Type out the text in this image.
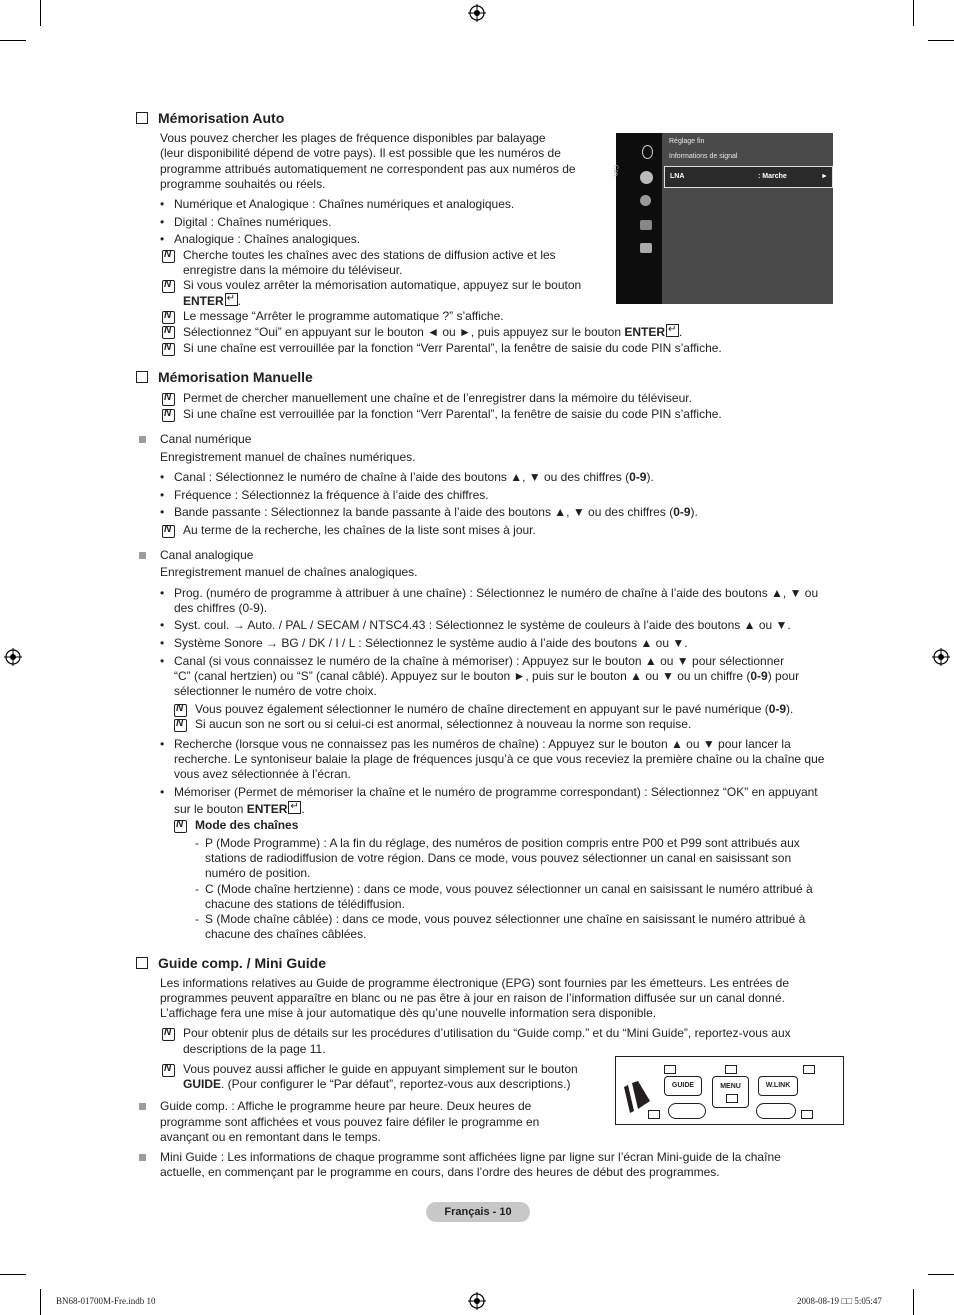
Mémorisation Auto
Vous pouvez chercher les plages de fréquence disponibles par balayage
(leur disponibilité dépend de votre pays). Il est possible que les numéros de
programme attribués automatiquement ne correspondent pas aux numéros de
programme souhaités ou réels.
• Numérique et Analogique : Chaînes numériques et analogiques.
• Digital : Chaînes numériques.
• Analogique : Chaînes analogiques.
N
Cherche toutes les chaînes avec des stations de diffusion active et les
enregistre dans la mémoire du téléviseur.
N
Si vous voulez arrêter la mémorisation automatique, appuyez sur le bouton
ENTER ↵ .
N
Le message “Arrêter le programme automatique ?” s’affiche.
N
Sélectionnez “Oui” en appuyant sur le bouton ◄ ou ►, puis appuyez sur le bouton ENTER ↵ .
N
Si une chaîne est verrouillée par la fonction “Verr Parental”, la fenêtre de saisie du code PIN s’affiche.
Can.
Réglage fin
Informations de signal
LNA	: Marche	►
Mémorisation Manuelle
N
Permet de chercher manuellement une chaîne et de l’enregistrer dans la mémoire du téléviseur.
N
Si une chaîne est verrouillée par la fonction “Verr Parental”, la fenêtre de saisie du code PIN s’affiche.
Canal numérique
Enregistrement manuel de chaînes numériques.
• Canal : Sélectionnez le numéro de chaîne à l’aide des boutons ▲, ▼ ou des chiffres (0-9).
• Fréquence : Sélectionnez la fréquence à l’aide des chiffres.
• Bande passante : Sélectionnez la bande passante à l’aide des boutons ▲, ▼ ou des chiffres (0-9).
N
Au terme de la recherche, les chaînes de la liste sont mises à jour.
Canal analogique
Enregistrement manuel de chaînes analogiques.
• Prog. (numéro de programme à attribuer à une chaîne) : Sélectionnez le numéro de chaîne à l’aide des boutons ▲, ▼ ou
des chiffres (0-9).
• Syst. coul. → Auto. / PAL / SECAM / NTSC4.43 : Sélectionnez le système de couleurs à l’aide des boutons ▲ ou ▼.
• Système Sonore → BG / DK / I / L : Sélectionnez le système audio à l’aide des boutons ▲ ou ▼.
• Canal (si vous connaissez le numéro de la chaîne à mémoriser) : Appuyez sur le bouton ▲ ou ▼ pour sélectionner
“C” (canal hertzien) ou “S” (canal câblé). Appuyez sur le bouton ►, puis sur le bouton ▲ ou ▼ ou un chiffre (0-9) pour
sélectionner le numéro de votre choix.
N
Vous pouvez également sélectionner le numéro de chaîne directement en appuyant sur le pavé numérique (0-9).
N
Si aucun son ne sort ou si celui-ci est anormal, sélectionnez à nouveau la norme son requise.
• Recherche (lorsque vous ne connaissez pas les numéros de chaîne) : Appuyez sur le bouton ▲ ou ▼ pour lancer la
recherche. Le syntoniseur balaie la plage de fréquences jusqu’à ce que vous receviez la première chaîne ou la chaîne que
vous avez sélectionnée à l’écran.
• Mémoriser (Permet de mémoriser la chaîne et le numéro de programme correspondant) : Sélectionnez “OK” en appuyant
sur le bouton ENTER ↵ .
N
Mode des chaînes
- P (Mode Programme) : A la fin du réglage, des numéros de position compris entre P00 et P99 sont attribués aux
stations de radiodiffusion de votre région. Dans ce mode, vous pouvez sélectionner un canal en saisissant son
numéro de position.
- C (Mode chaîne hertzienne) : dans ce mode, vous pouvez sélectionner un canal en saisissant le numéro attribué à
chacune des stations de télédiffusion.
- S (Mode chaîne câblée) : dans ce mode, vous pouvez sélectionner une chaîne en saisissant le numéro attribué à
chacune des chaînes câblées.
Guide comp. / Mini Guide
Les informations relatives au Guide de programme électronique (EPG) sont fournies par les émetteurs. Les entrées de
programmes peuvent apparaître en blanc ou ne pas être à jour en raison de l’information diffusée sur un canal donné.
L’affichage fera une mise à jour automatique dès qu’une nouvelle information sera disponible.
N
Pour obtenir plus de détails sur les procédures d’utilisation du “Guide comp.” et du “Mini Guide”, reportez-vous aux
descriptions de la page 11.
N
Vous pouvez aussi afficher le guide en appuyant simplement sur le bouton
GUIDE. (Pour configurer le “Par défaut”, reportez-vous aux descriptions.)
Guide comp. : Affiche le programme heure par heure. Deux heures de
programme sont affichées et vous pouvez faire défiler le programme en
avançant ou en remontant dans le temps.
Mini Guide : Les informations de chaque programme sont affichées ligne par ligne sur l’écran Mini-guide de la chaîne
actuelle, en commençant par le programme en cours, dans l’ordre des heures de début des programmes.
GUIDE	MENU	W.LINK
Français - 10
BN68-01700M-Fre.indb 10	2008-08-19 □□ 5:05:47
